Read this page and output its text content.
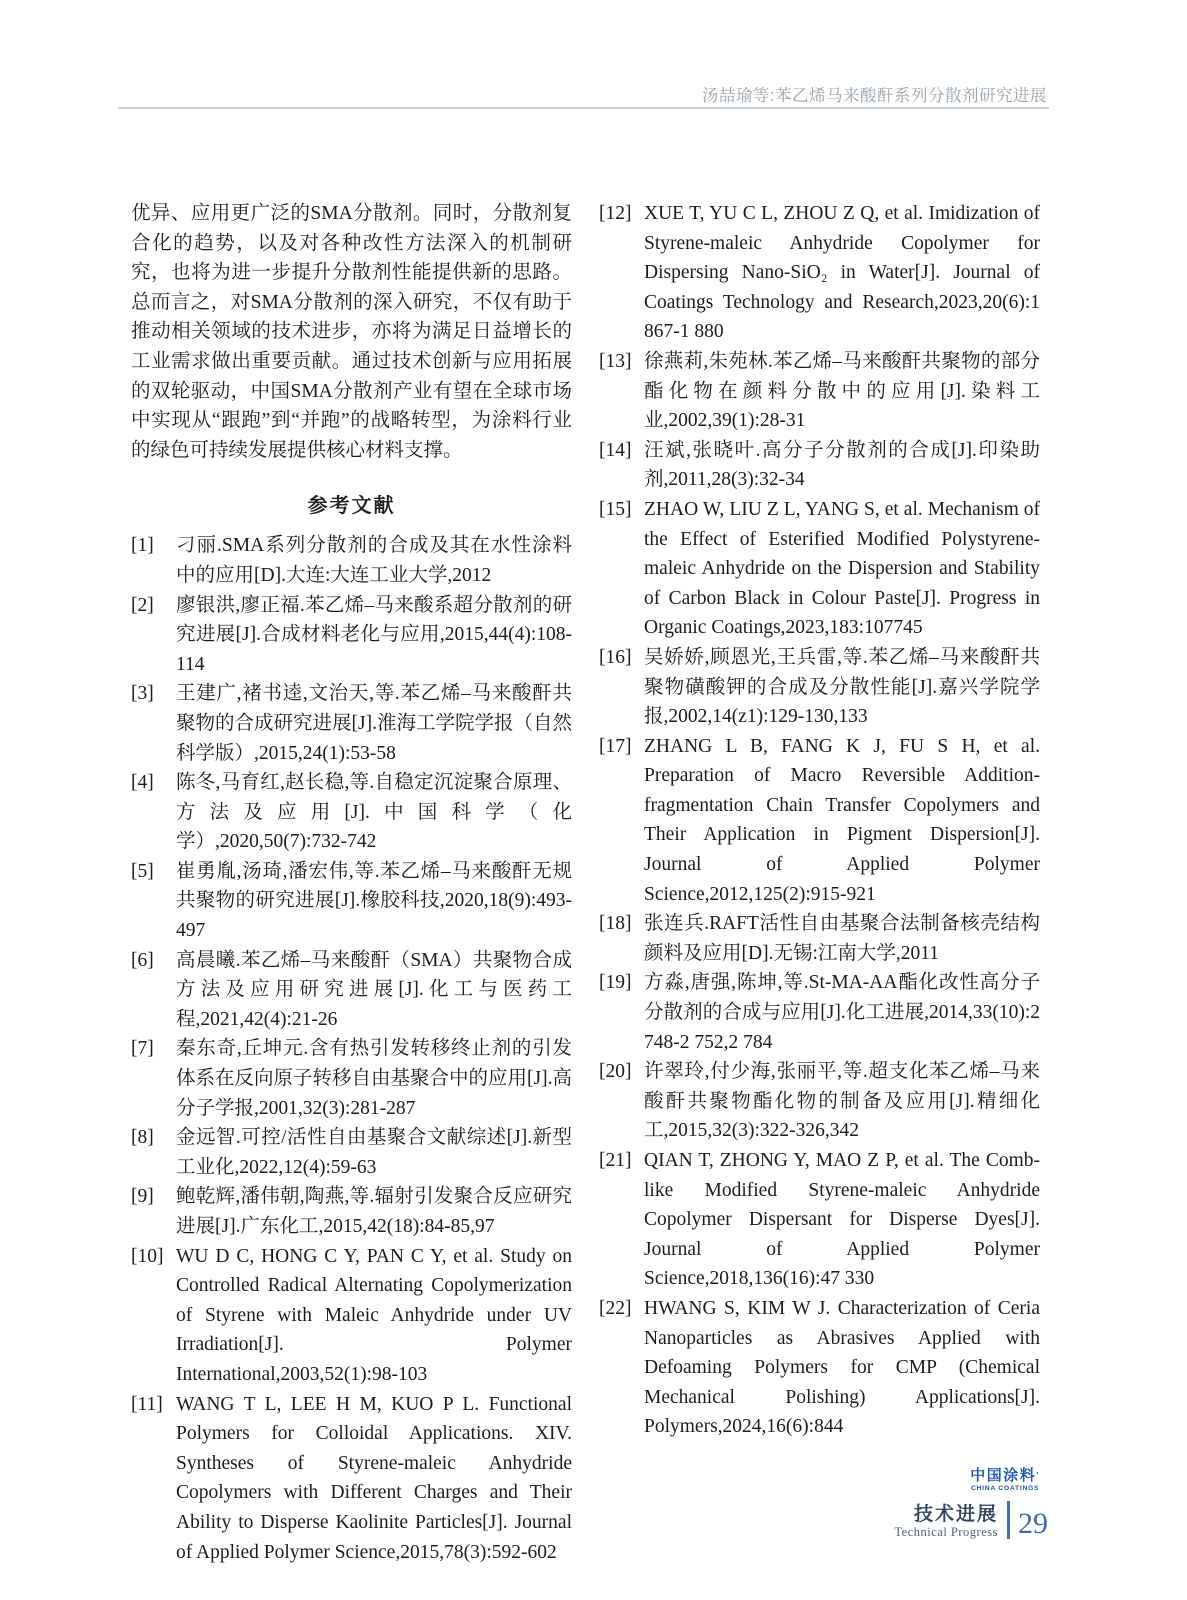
汤喆瑜等:苯乙烯马来酸酐系列分散剂研究进展

优异、应用更广泛的SMA分散剂。同时，分散剂复合化的趋势，以及对各种改性方法深入的机制研究，也将为进一步提升分散剂性能提供新的思路。总而言之，对SMA分散剂的深入研究，不仅有助于推动相关领域的技术进步，亦将为满足日益增长的工业需求做出重要贡献。通过技术创新与应用拓展的双轮驱动，中国SMA分散剂产业有望在全球市场中实现从“跟跑”到“并跑”的战略转型，为涂料行业的绿色可持续发展提供核心材料支撑。

参考文献
[1]	刁丽.SMA系列分散剂的合成及其在水性涂料中的应用[D].大连:大连工业大学,2012
[2]	廖银洪,廖正福.苯乙烯–马来酸系超分散剂的研究进展[J].合成材料老化与应用,2015,44(4):108-114
[3]	王建广,褚书逵,文治天,等.苯乙烯–马来酸酐共聚物的合成研究进展[J].淮海工学院学报（自然科学版）,2015,24(1):53-58
[4]	陈冬,马育红,赵长稳,等.自稳定沉淀聚合原理、方法及应用[J].中国科学（化学）,2020,50(7):732-742
[5]	崔勇胤,汤琦,潘宏伟,等.苯乙烯–马来酸酐无规共聚物的研究进展[J].橡胶科技,2020,18(9):493-497
[6]	高晨曦.苯乙烯–马来酸酐（SMA）共聚物合成方法及应用研究进展[J].化工与医药工程,2021,42(4):21-26
[7]	秦东奇,丘坤元.含有热引发转移终止剂的引发体系在反向原子转移自由基聚合中的应用[J].高分子学报,2001,32(3):281-287
[8]	金远智.可控/活性自由基聚合文献综述[J].新型工业化,2022,12(4):59-63
[9]	鲍乾辉,潘伟朝,陶燕,等.辐射引发聚合反应研究进展[J].广东化工,2015,42(18):84-85,97
[10] WU D C, HONG C Y, PAN C Y, et al. Study on Controlled Radical Alternating Copolymerization of Styrene with Maleic Anhydride under UV Irradiation[J]. Polymer International,2003,52(1):98-103
[11] WANG T L, LEE H M, KUO P L. Functional Polymers for Colloidal Applications. XIV. Syntheses of Styrene-maleic Anhydride Copolymers with Different Charges and Their Ability to Disperse Kaolinite Particles[J]. Journal of Applied Polymer Science,2015,78(3):592-602
[12] XUE T, YU C L, ZHOU Z Q, et al. Imidization of Styrene-maleic Anhydride Copolymer for Dispersing Nano-SiO₂ in Water[J]. Journal of Coatings Technology and Research,2023,20(6):1 867-1 880
[13] 徐燕莉,朱苑林.苯乙烯–马来酸酐共聚物的部分酯化物在颜料分散中的应用[J].染料工业,2002,39(1):28-31
[14] 汪斌,张晓叶.高分子分散剂的合成[J].印染助剂,2011,28(3):32-34
[15] ZHAO W, LIU Z L, YANG S, et al. Mechanism of the Effect of Esterified Modified Polystyrene-maleic Anhydride on the Dispersion and Stability of Carbon Black in Colour Paste[J]. Progress in Organic Coatings,2023,183:107745
[16] 吴娇娇,顾恩光,王兵雷,等.苯乙烯–马来酸酐共聚物磺酸钾的合成及分散性能[J].嘉兴学院学报,2002,14(z1):129-130,133
[17] ZHANG L B, FANG K J, FU S H, et al. Preparation of Macro Reversible Addition-fragmentation Chain Transfer Copolymers and Their Application in Pigment Dispersion[J]. Journal of Applied Polymer Science,2012,125(2):915-921
[18] 张连兵.RAFT活性自由基聚合法制备核壳结构颜料及应用[D].无锡:江南大学,2011
[19] 方淼,唐强,陈坤,等.St-MA-AA酯化改性高分子分散剂的合成与应用[J].化工进展,2014,33(10):2 748-2 752,2 784
[20] 许翠玲,付少海,张丽平,等.超支化苯乙烯–马来酸酐共聚物酯化物的制备及应用[J].精细化工,2015,32(3):322-326,342
[21] QIAN T, ZHONG Y, MAO Z P, et al. The Comb-like Modified Styrene-maleic Anhydride Copolymer Dispersant for Disperse Dyes[J]. Journal of Applied Polymer Science,2018,136(16):47 330
[22] HWANG S, KIM W J. Characterization of Ceria Nanoparticles as Abrasives Applied with Defoaming Polymers for CMP (Chemical Mechanical Polishing) Applications[J]. Polymers,2024,16(6):844
中国涂料’
CHINA COATINGS
技术进展
Technical Progress 29
